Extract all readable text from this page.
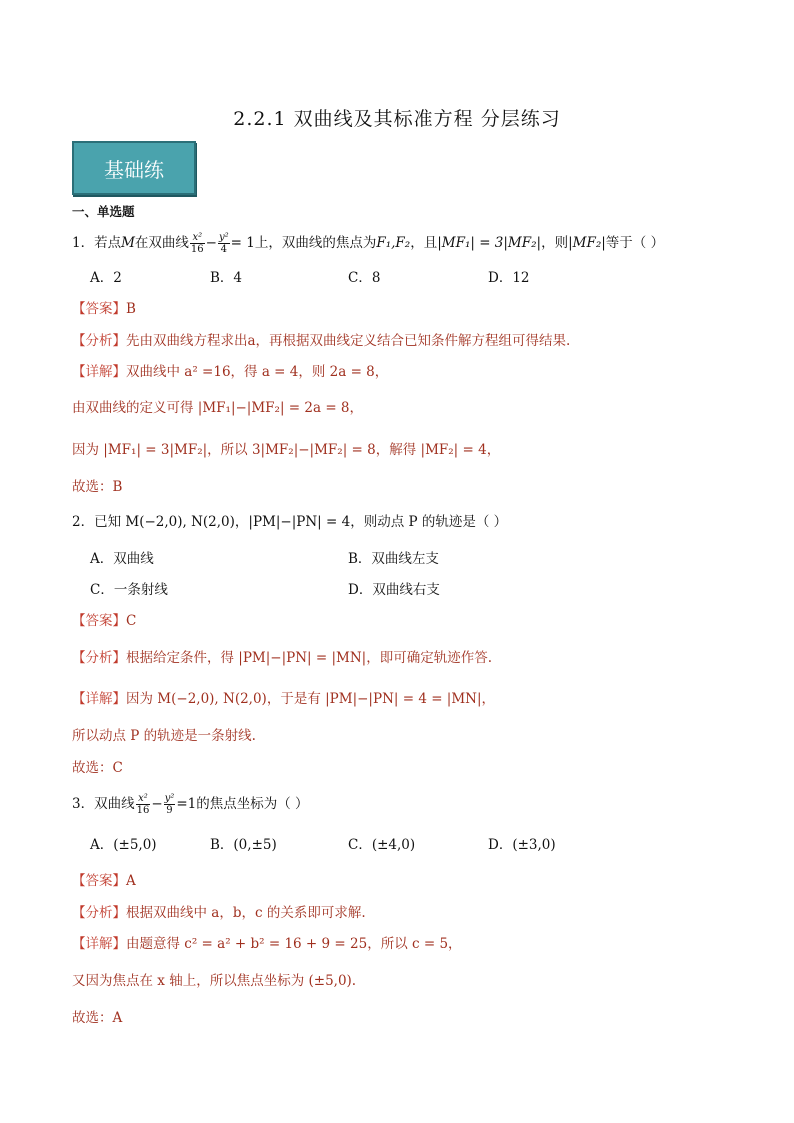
2.2.1 双曲线及其标准方程 分层练习
基础练
一、单选题
1．若点M在双曲线 $\frac{\text{x²}}{16} - \frac{\text{y²}}{4} = 1$上，双曲线的焦点为F₁,F₂，且|MF₁| = 3|MF₂|，则|MF₂|等于（ ）
A．2	B．4	C．8	D．12
【答案】B
【分析】先由双曲线方程求出a，再根据双曲线定义结合已知条件解方程组可得结果.
【详解】双曲线中 a² =16，得 a = 4，则 2a = 8，
由双曲线的定义可得 |MF₁|−|MF₂| = 2a = 8，
因为 |MF₁| = 3|MF₂|，所以 3|MF₂|−|MF₂| = 8，解得 |MF₂| = 4，
故选：B
2．已知 M(−2,0), N(2,0)，|PM|−|PN| = 4，则动点 P 的轨迹是（ ）
A．双曲线	B．双曲线左支
C．一条射线	D．双曲线右支
【答案】C
【分析】根据给定条件，得 |PM|−|PN| = |MN|，即可确定轨迹作答.
【详解】因为 M(−2,0), N(2,0)，于是有 |PM|−|PN| = 4 = |MN|，
所以动点 P 的轨迹是一条射线.
故选：C
3．双曲线 $\frac{\text{x²}}{16} - \frac{\text{y²}}{9} =1$的焦点坐标为（ ）
A．(±5,0)	B．(0,±5)	C．(±4,0)	D．(±3,0)
【答案】A
【分析】根据双曲线中 a，b，c 的关系即可求解.
【详解】由题意得 c² = a² + b² = 16 + 9 = 25，所以 c = 5，
又因为焦点在 x 轴上，所以焦点坐标为 (±5,0).
故选：A
